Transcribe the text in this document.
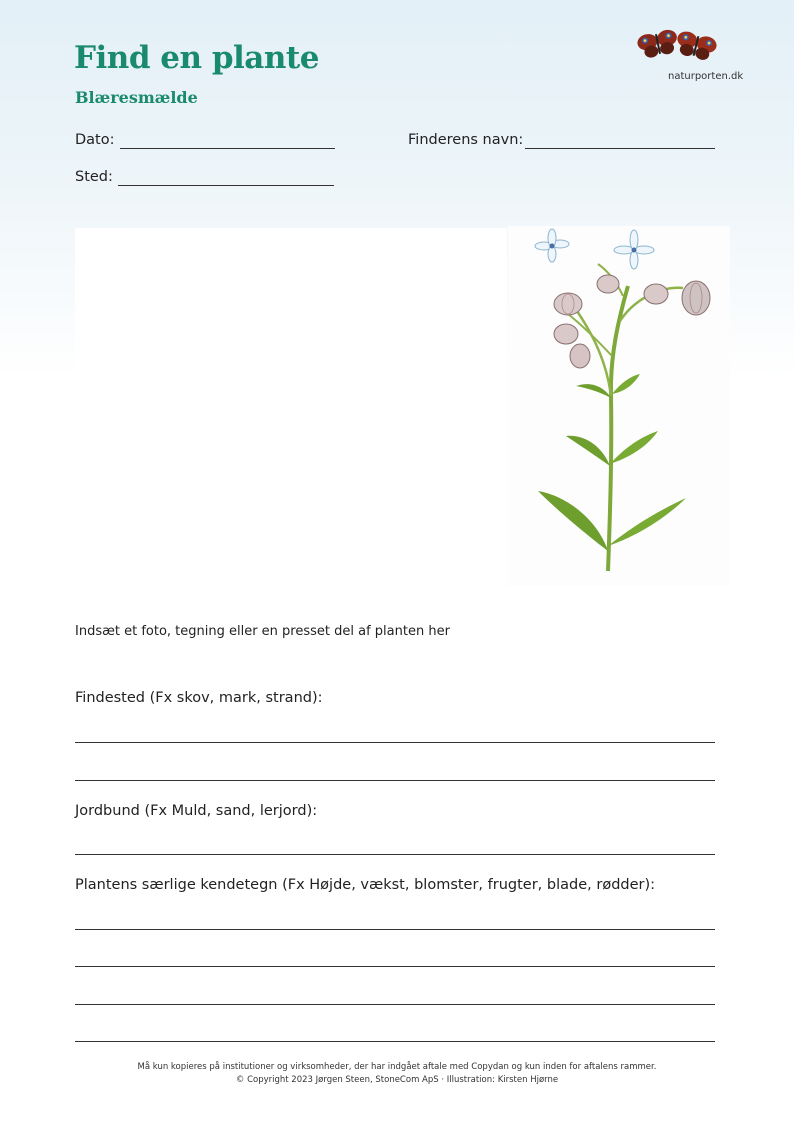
Find en plante
Blæresmælde
naturporten.dk
Dato:	Finderens navn:
Sted:
Indsæt et foto, tegning eller en presset del af planten her
Findested (Fx skov, mark, strand):
Jordbund (Fx Muld, sand, lerjord):
Plantens særlige kendetegn (Fx Højde, vækst, blomster, frugter, blade, rødder):
Må kun kopieres på institutioner og virksomheder, der har indgået aftale med Copydan og kun inden for aftalens rammer.
© Copyright 2023 Jørgen Steen, StoneCom ApS · Illustration: Kirsten Hjørne
